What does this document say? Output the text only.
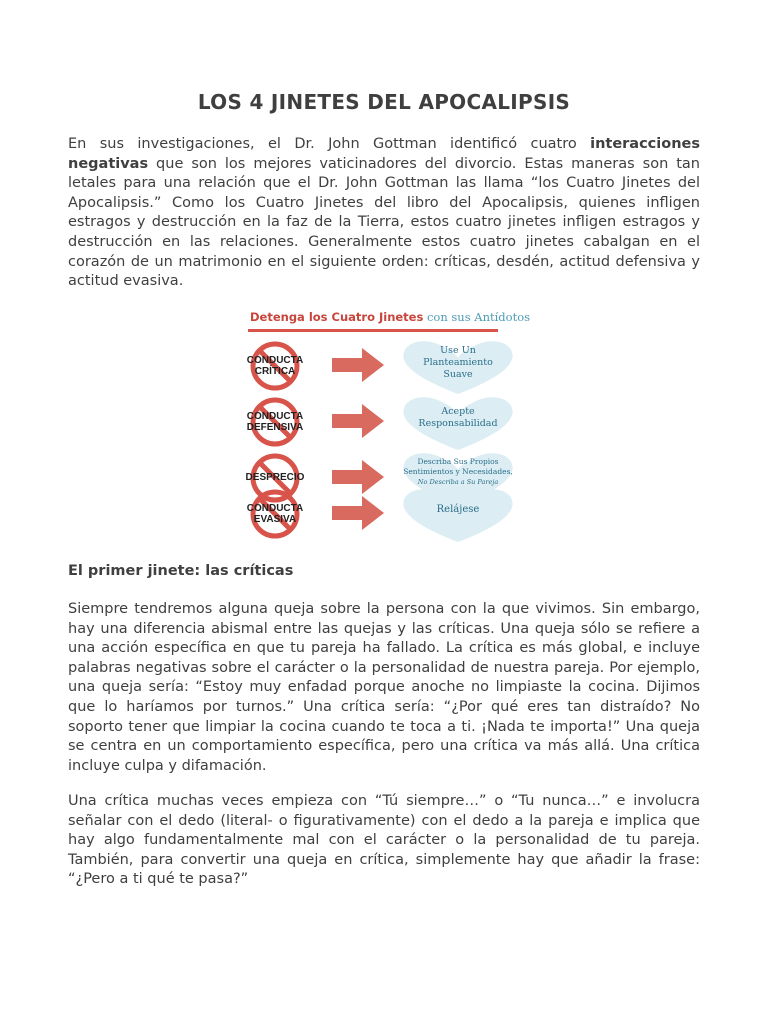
LOS 4 JINETES DEL APOCALIPSIS

En sus investigaciones, el Dr. John Gottman identificó cuatro interacciones negativas que son los mejores vaticinadores del divorcio. Estas maneras son tan letales para una relación que el Dr. John Gottman las llama “los Cuatro Jinetes del Apocalipsis.” Como los Cuatro Jinetes del libro del Apocalipsis, quienes infligen estragos y destrucción en la faz de la Tierra, estos cuatro jinetes infligen estragos y destrucción en las relaciones. Generalmente estos cuatro jinetes cabalgan en el corazón de un matrimonio en el siguiente orden: críticas, desdén, actitud defensiva y actitud evasiva.

Detenga los Cuatro Jinetes con sus Antídotos
CONDUCTA
CRÍTICA
Use Un
Planteamiento
Suave
CONDUCTA
DEFENSIVA
Acepte
Responsabilidad
DESPRECIO
Describa Sus Propios
Sentimientos y Necesidades,
No Describa a Su Pareja
CONDUCTA
EVASIVA
Relájese
El primer jinete: las críticas

Siempre tendremos alguna queja sobre la persona con la que vivimos. Sin embargo, hay una diferencia abismal entre las quejas y las críticas. Una queja sólo se refiere a una acción específica en que tu pareja ha fallado. La crítica es más global, e incluye palabras negativas sobre el carácter o la personalidad de nuestra pareja. Por ejemplo, una queja sería: “Estoy muy enfadad porque anoche no limpiaste la cocina. Dijimos que lo haríamos por turnos.” Una crítica sería: “¿Por qué eres tan distraído? No soporto tener que limpiar la cocina cuando te toca a ti. ¡Nada te importa!” Una queja se centra en un comportamiento específica, pero una crítica va más allá. Una crítica incluye culpa y difamación.

Una crítica muchas veces empieza con “Tú siempre…” o “Tu nunca…” e involucra señalar con el dedo (literal- o figurativamente) con el dedo a la pareja e implica que hay algo fundamentalmente mal con el carácter o la personalidad de tu pareja. También, para convertir una queja en crítica, simplemente hay que añadir la frase: “¿Pero a ti qué te pasa?”
